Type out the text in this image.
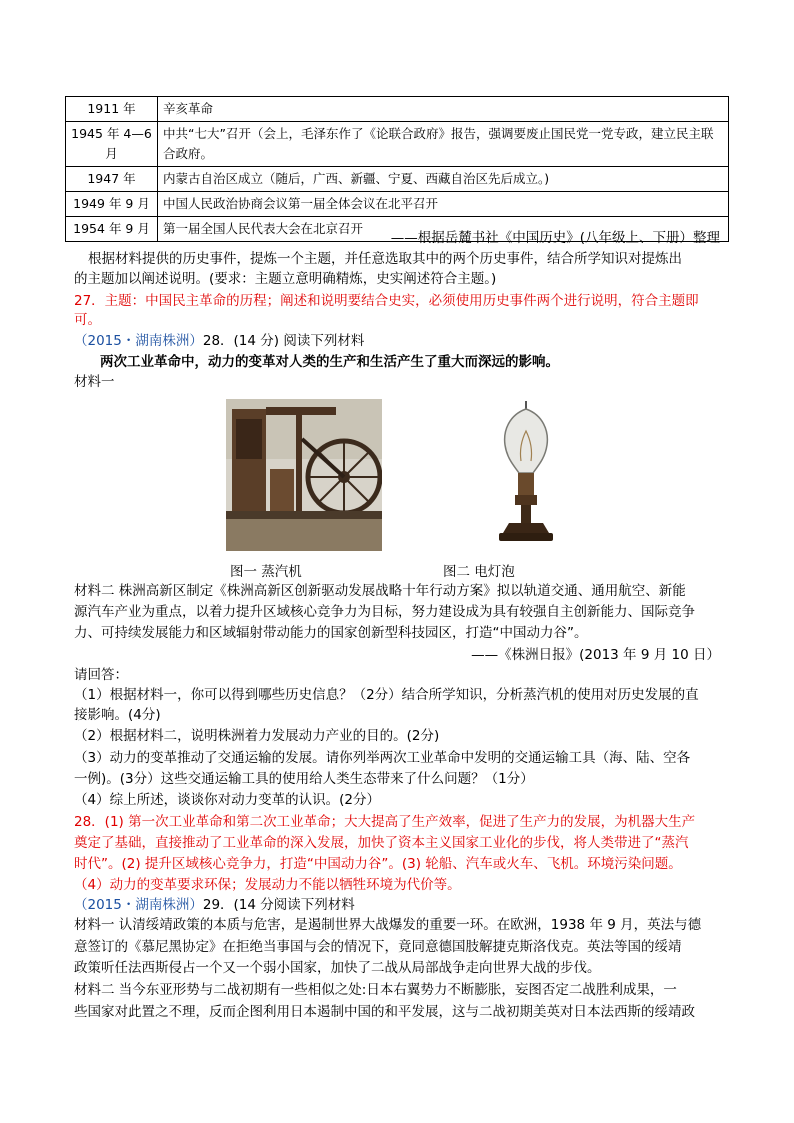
1911 年	辛亥革命
1945 年 4—6 月	中共“七大”召开（会上，毛泽东作了《论联合政府》报告，强调要废止国民党一党专政，建立民主联合政府。
1947 年	内蒙古自治区成立（随后，广西、新疆、宁夏、西藏自治区先后成立。)
1949 年 9 月	中国人民政治协商会议第一届全体会议在北平召开
1954 年 9 月	第一届全国人民代表大会在北京召开
——根据岳麓书社《中国历史》(八年级上、下册）整理
根据材料提供的历史事件，提炼一个主题，并任意选取其中的两个历史事件，结合所学知识对提炼出
的主题加以阐述说明。(要求：主题立意明确精炼，史实阐述符合主题。)
27．主题：中国民主革命的历程；阐述和说明要结合史实，必须使用历史事件两个进行说明，符合主题即
可。
（2015・湖南株洲）28．(14 分) 阅读下列材料
两次工业革命中，动力的变革对人类的生产和生活产生了重大而深远的影响。
材料一
图一 蒸汽机	图二 电灯泡
材料二 株洲高新区制定《株洲高新区创新驱动发展战略十年行动方案》拟以轨道交通、通用航空、新能
源汽车产业为重点，以着力提升区域核心竞争力为目标，努力建设成为具有较强自主创新能力、国际竞争
力、可持续发展能力和区域辐射带动能力的国家创新型科技园区，打造“中国动力谷”。
——《株洲日报》(2013 年 9 月 10 日）
请回答：
（1）根据材料一，你可以得到哪些历史信息？（2分）结合所学知识，分析蒸汽机的使用对历史发展的直
接影响。(4分)
（2）根据材料二，说明株洲着力发展动力产业的目的。(2分)
（3）动力的变革推动了交通运输的发展。请你列举两次工业革命中发明的交通运输工具（海、陆、空各
一例)。(3分）这些交通运输工具的使用给人类生态带来了什么问题？（1分）
（4）综上所述，谈谈你对动力变革的认识。(2分）
28．(1) 第一次工业革命和第二次工业革命；大大提高了生产效率，促进了生产力的发展，为机器大生产
奠定了基础，直接推动了工业革命的深入发展，加快了资本主义国家工业化的步伐，将人类带进了“蒸汽
时代”。(2) 提升区域核心竞争力，打造“中国动力谷”。(3) 轮船、汽车或火车、飞机。环境污染问题。
（4）动力的变革要求环保；发展动力不能以牺牲环境为代价等。
（2015・湖南株洲）29．(14 分阅读下列材料
材料一 认清绥靖政策的本质与危害，是遏制世界大战爆发的重要一环。在欧洲，1938 年 9 月，英法与德
意签订的《慕尼黑协定》在拒绝当事国与会的情况下，竟同意德国肢解捷克斯洛伐克。英法等国的绥靖
政策听任法西斯侵占一个又一个弱小国家，加快了二战从局部战争走向世界大战的步伐。
材料二 当今东亚形势与二战初期有一些相似之处:日本右翼势力不断膨胀，妄图否定二战胜利成果，一
些国家对此置之不理，反而企图利用日本遏制中国的和平发展，这与二战初期美英对日本法西斯的绥靖政
